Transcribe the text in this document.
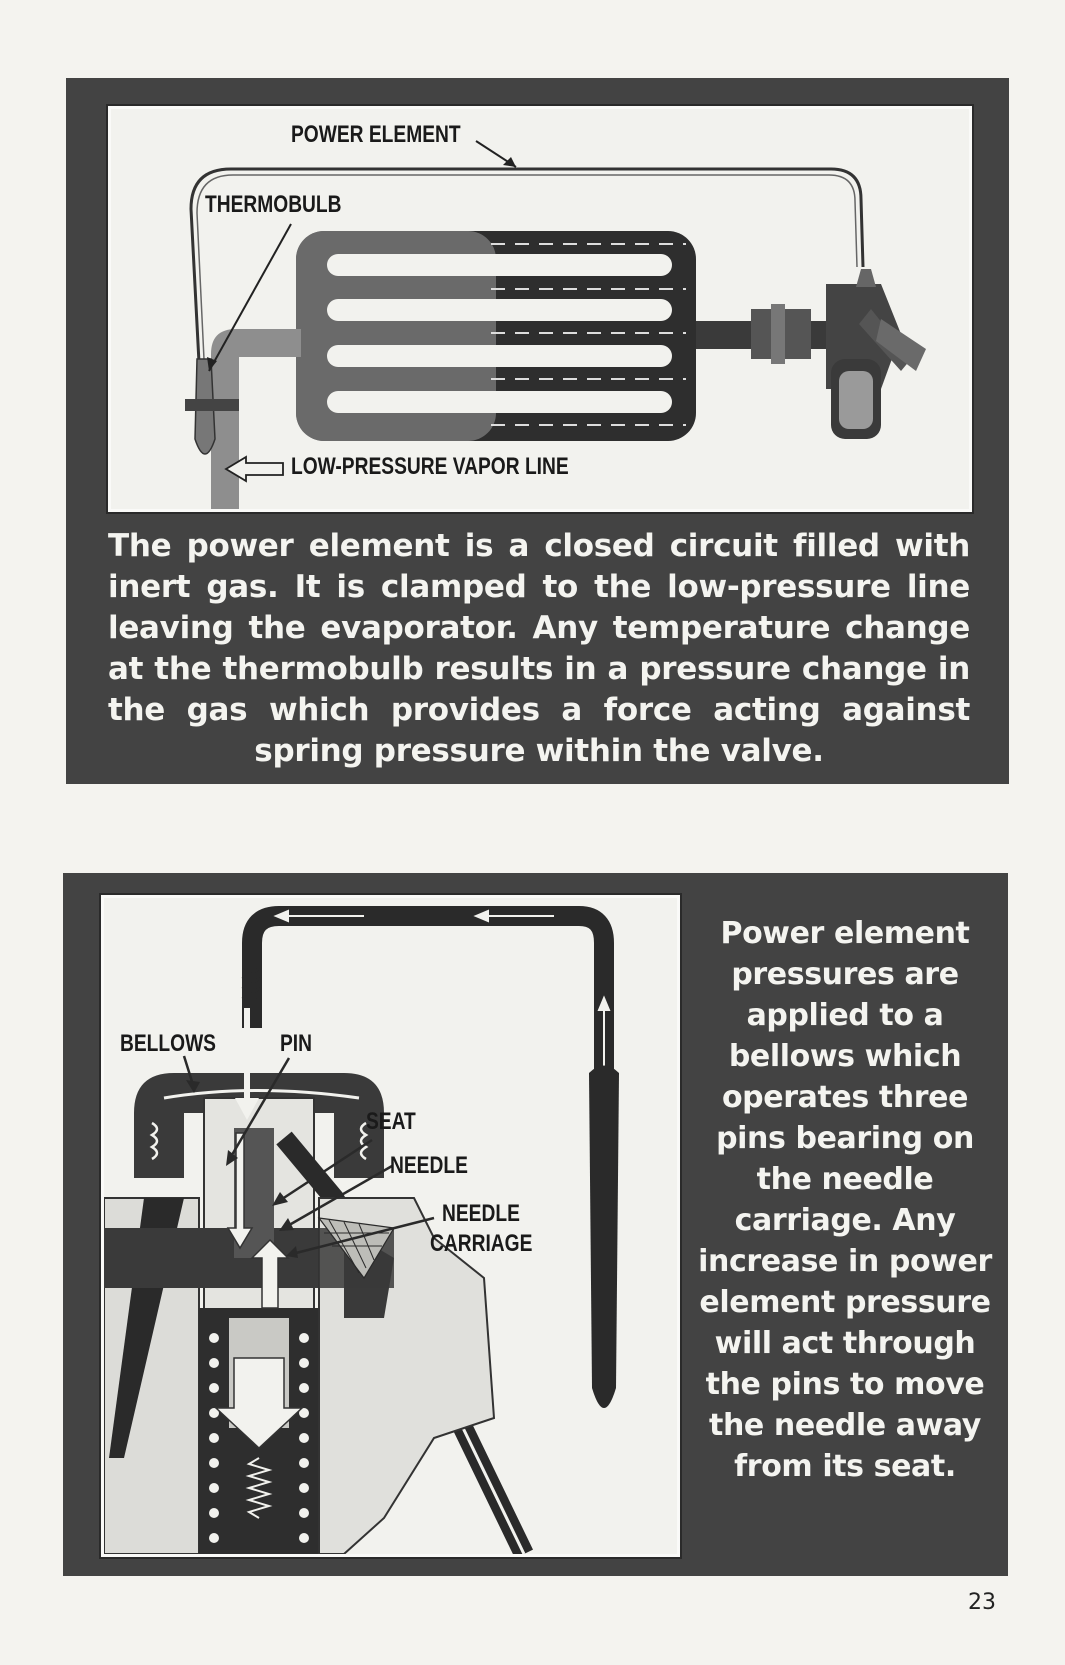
POWER ELEMENT
THERMOBULB
LOW-PRESSURE VAPOR LINE

The power element is a closed circuit filled with inert gas. It is clamped to the low-pressure line leaving the evaporator. Any temperature change at the thermobulb results in a pressure change in the gas which provides a force acting against spring pressure within the valve.

BELLOWS	PIN
SEAT
NEEDLE
NEEDLE
CARRIAGE

Power element pressures are applied to a bellows which operates three pins bearing on the needle carriage. Any increase in power element pressure will act through the pins to move the needle away from its seat.

23
